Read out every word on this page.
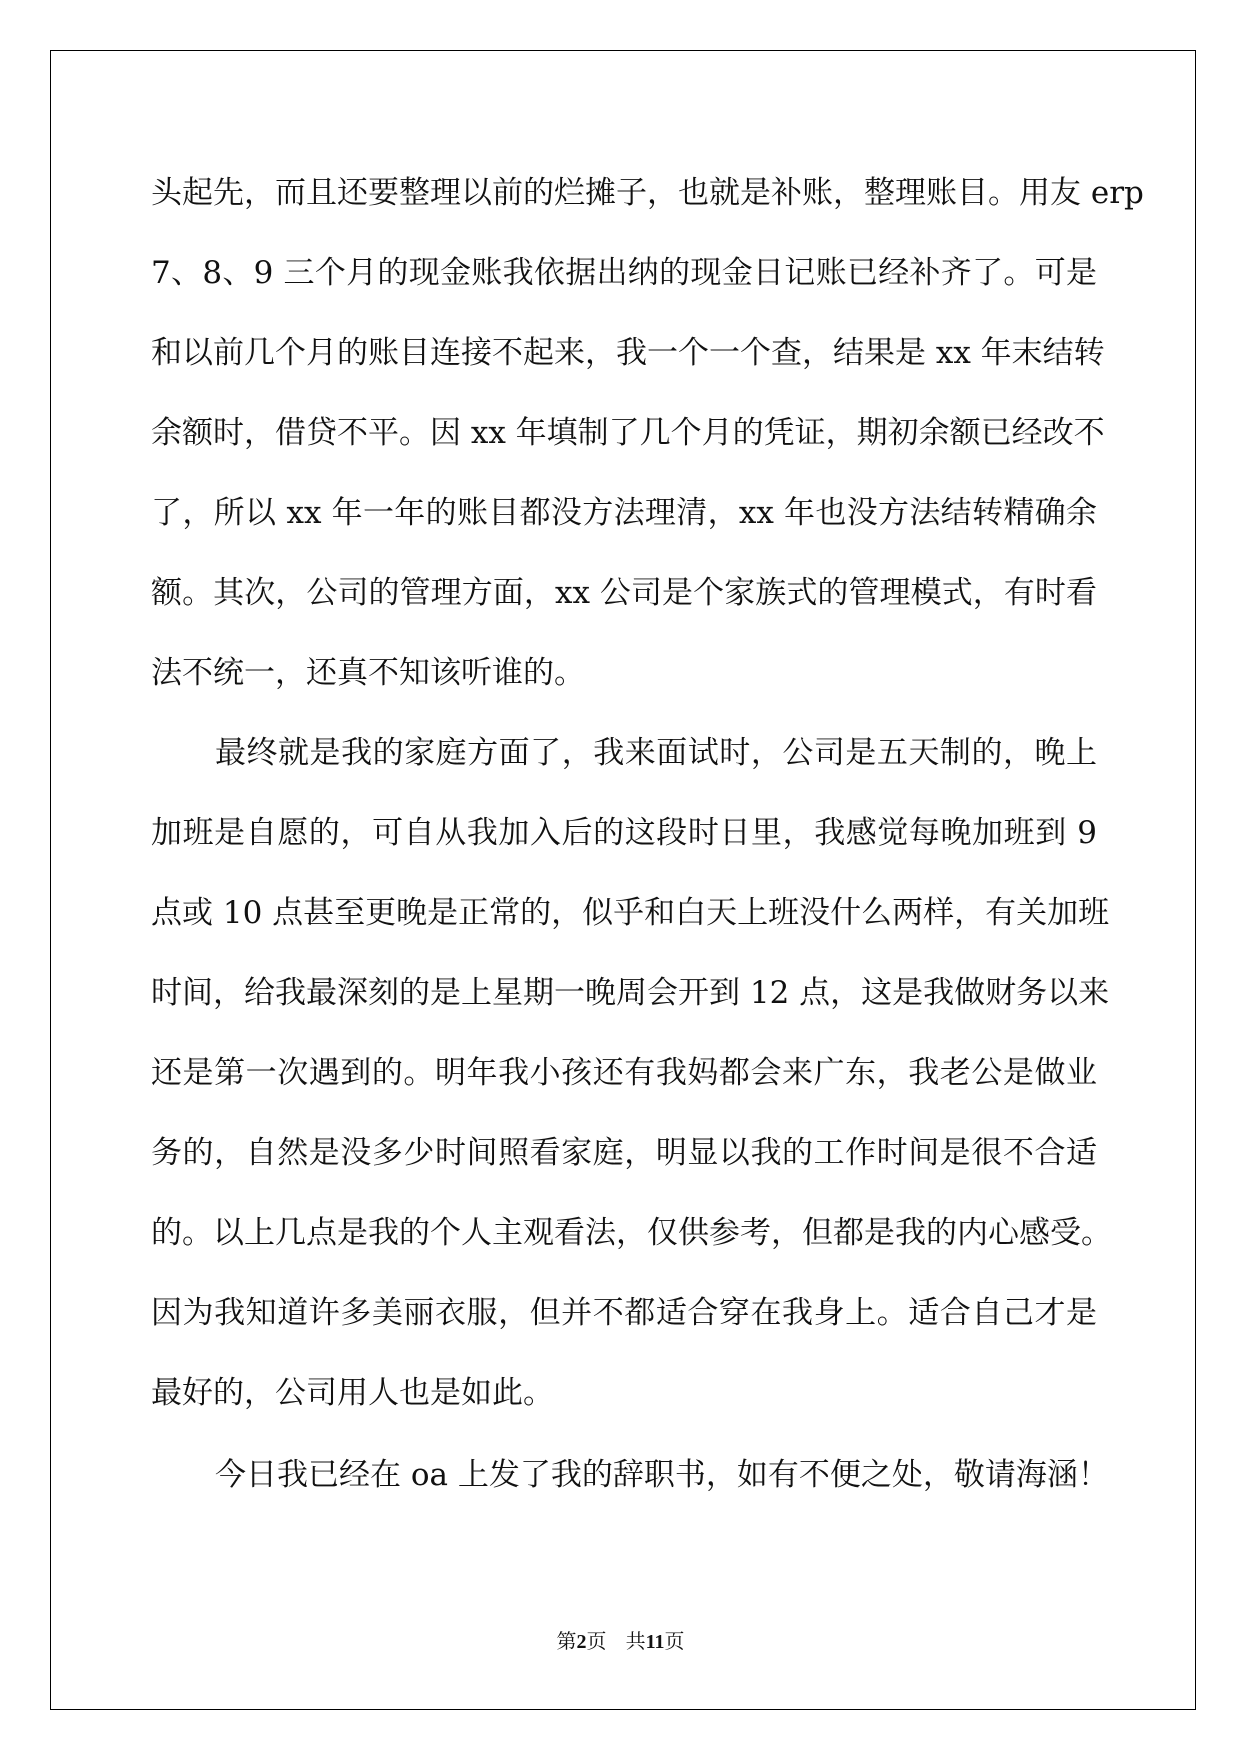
头起先，而且还要整理以前的烂摊子，也就是补账，整理账目。用友 erp
7、8、9 三个月的现金账我依据出纳的现金日记账已经补齐了。可是
和以前几个月的账目连接不起来，我一个一个查，结果是 xx 年末结转
余额时，借贷不平。因 xx 年填制了几个月的凭证，期初余额已经改不
了，所以 xx 年一年的账目都没方法理清，xx 年也没方法结转精确余
额。其次，公司的管理方面，xx 公司是个家族式的管理模式，有时看
法不统一，还真不知该听谁的。
最终就是我的家庭方面了，我来面试时，公司是五天制的，晚上
加班是自愿的，可自从我加入后的这段时日里，我感觉每晚加班到 9
点或 10 点甚至更晚是正常的，似乎和白天上班没什么两样，有关加班
时间，给我最深刻的是上星期一晚周会开到 12 点，这是我做财务以来
还是第一次遇到的。明年我小孩还有我妈都会来广东，我老公是做业
务的，自然是没多少时间照看家庭，明显以我的工作时间是很不合适
的。以上几点是我的个人主观看法，仅供参考，但都是我的内心感受。
因为我知道许多美丽衣服，但并不都适合穿在我身上。适合自己才是
最好的，公司用人也是如此。
今日我已经在 oa 上发了我的辞职书，如有不便之处，敬请海涵！
第2页 共11页
